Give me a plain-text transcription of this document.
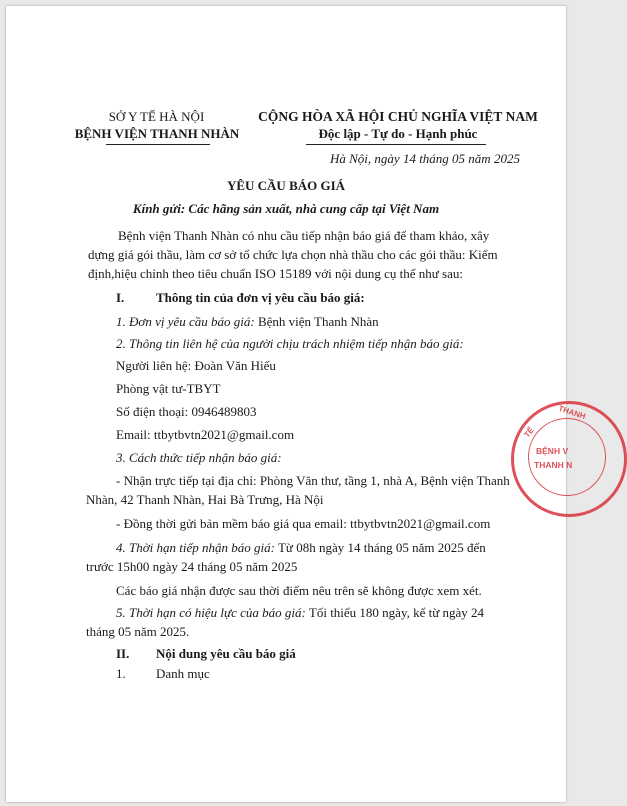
SỞ Y TẾ HÀ NỘI
BỆNH VIỆN THANH NHÀN
CỘNG HÒA XÃ HỘI CHỦ NGHĨA VIỆT NAM
Độc lập - Tự do - Hạnh phúc
Hà Nội, ngày 14 tháng 05 năm 2025
YÊU CẦU BÁO GIÁ
Kính gửi: Các hãng sản xuất, nhà cung cấp tại Việt Nam

Bệnh viện Thanh Nhàn có nhu cầu tiếp nhận báo giá để tham khảo, xây dựng giá gói thầu, làm cơ sở tổ chức lựa chọn nhà thầu cho các gói thầu: Kiểm định,hiệu chỉnh theo tiêu chuẩn ISO 15189 với nội dung cụ thể như sau:

I. Thông tin của đơn vị yêu cầu báo giá:
1. Đơn vị yêu cầu báo giá: Bệnh viện Thanh Nhàn
2. Thông tin liên hệ của người chịu trách nhiệm tiếp nhận báo giá:
Người liên hệ: Đoàn Văn Hiếu
Phòng vật tư-TBYT
Số điện thoại: 0946489803
Email: ttbytbvtn2021@gmail.com
3. Cách thức tiếp nhận báo giá:

- Nhận trực tiếp tại địa chỉ: Phòng Văn thư, tầng 1, nhà A, Bệnh viện Thanh Nhàn, 42 Thanh Nhàn, Hai Bà Trưng, Hà Nội

- Đồng thời gửi bản mềm báo giá qua email: ttbytbvtn2021@gmail.com

4. Thời hạn tiếp nhận báo giá: Từ 08h ngày 14 tháng 05 năm 2025 đến trước 15h00 ngày 24 tháng 05 năm 2025

Các báo giá nhận được sau thời điểm nêu trên sẽ không được xem xét.

5. Thời hạn có hiệu lực của báo giá: Tối thiểu 180 ngày, kể từ ngày 24 tháng 05 năm 2025.

II. Nội dung yêu cầu báo giá
1. Danh mục
THANH
TẾ
BỆNH V
THANH N
